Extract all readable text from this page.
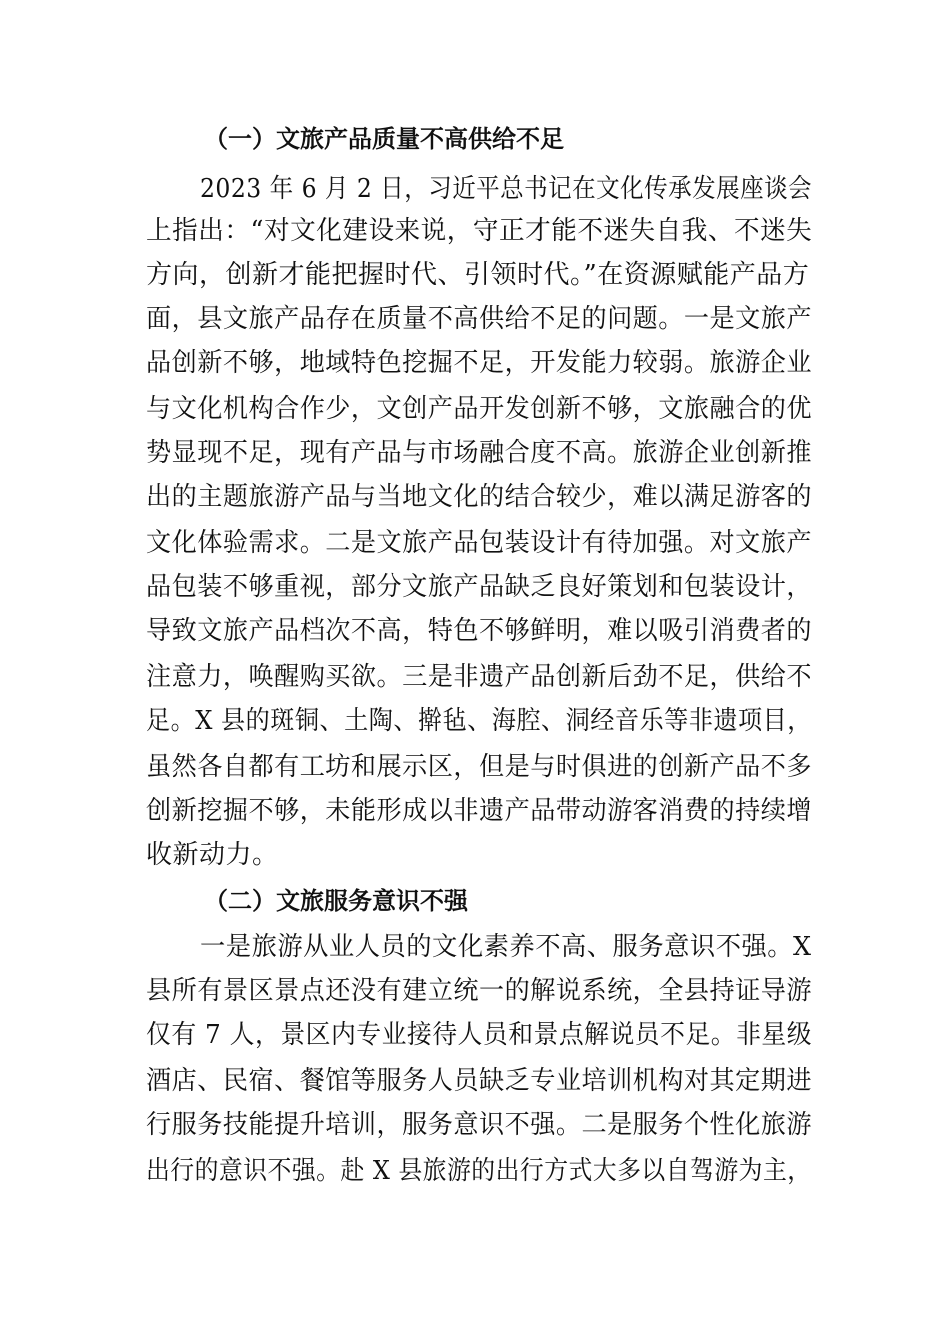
（一）文旅产品质量不高供给不足
2023 年 6 月 2 日，习近平总书记在文化传承发展座谈会
上指出：“对文化建设来说，守正才能不迷失自我、不迷失
方向，创新才能把握时代、引领时代。”在资源赋能产品方
面，县文旅产品存在质量不高供给不足的问题。一是文旅产
品创新不够，地域特色挖掘不足，开发能力较弱。旅游企业
与文化机构合作少，文创产品开发创新不够，文旅融合的优
势显现不足，现有产品与市场融合度不高。旅游企业创新推
出的主题旅游产品与当地文化的结合较少，难以满足游客的
文化体验需求。二是文旅产品包装设计有待加强。对文旅产
品包装不够重视，部分文旅产品缺乏良好策划和包装设计，
导致文旅产品档次不高，特色不够鲜明，难以吸引消费者的
注意力，唤醒购买欲。三是非遗产品创新后劲不足，供给不
足。X 县的斑铜、土陶、擀毡、海腔、洞经音乐等非遗项目，
虽然各自都有工坊和展示区，但是与时俱进的创新产品不多
创新挖掘不够，未能形成以非遗产品带动游客消费的持续增
收新动力。
（二）文旅服务意识不强
一是旅游从业人员的文化素养不高、服务意识不强。X
县所有景区景点还没有建立统一的解说系统，全县持证导游
仅有 7 人，景区内专业接待人员和景点解说员不足。非星级
酒店、民宿、餐馆等服务人员缺乏专业培训机构对其定期进
行服务技能提升培训，服务意识不强。二是服务个性化旅游
出行的意识不强。赴 X 县旅游的出行方式大多以自驾游为主，
